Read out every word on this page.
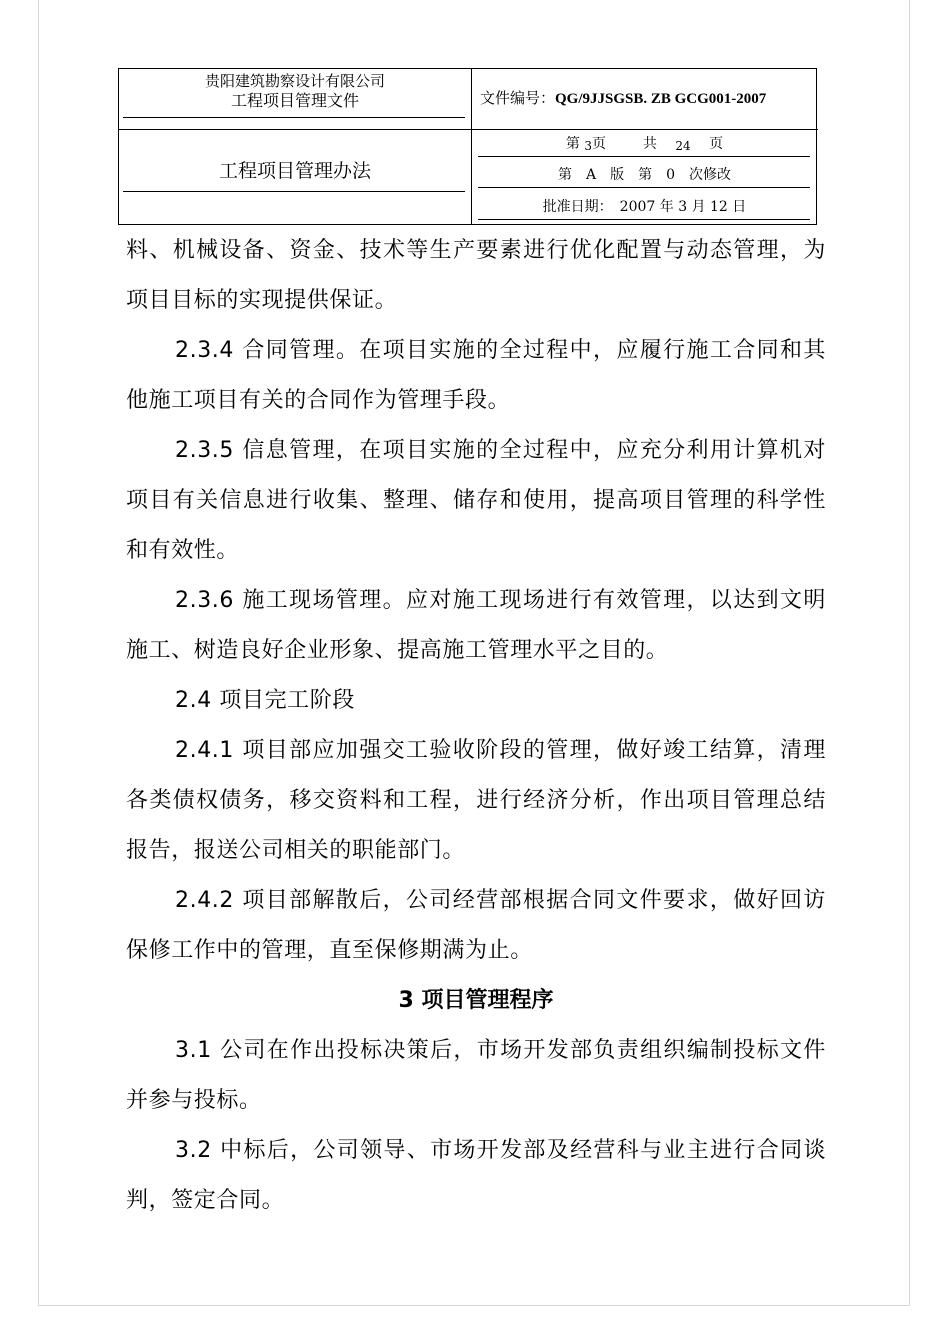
贵阳建筑勘察设计有限公司
工程项目管理文件
工程项目管理办法
文件编号：QG/9JJSGSB. ZB GCG001-2007
第 3页 　　	共 　 24　 页
第　A　版　第　0　次修改
批准日期：　2007 年 3 月 12 日

料、机械设备、资金、技术等生产要素进行优化配置与动态管理，为项目目标的实现提供保证。

2.3.4 合同管理。在项目实施的全过程中，应履行施工合同和其他施工项目有关的合同作为管理手段。

2.3.5 信息管理，在项目实施的全过程中，应充分利用计算机对项目有关信息进行收集、整理、储存和使用，提高项目管理的科学性和有效性。

2.3.6 施工现场管理。应对施工现场进行有效管理，以达到文明施工、树造良好企业形象、提高施工管理水平之目的。

2.4 项目完工阶段

2.4.1 项目部应加强交工验收阶段的管理，做好竣工结算，清理各类债权债务，移交资料和工程，进行经济分析，作出项目管理总结报告，报送公司相关的职能部门。

2.4.2 项目部解散后，公司经营部根据合同文件要求，做好回访保修工作中的管理，直至保修期满为止。

3 项目管理程序

3.1 公司在作出投标决策后，市场开发部负责组织编制投标文件并参与投标。

3.2 中标后，公司领导、市场开发部及经营科与业主进行合同谈判，签定合同。
